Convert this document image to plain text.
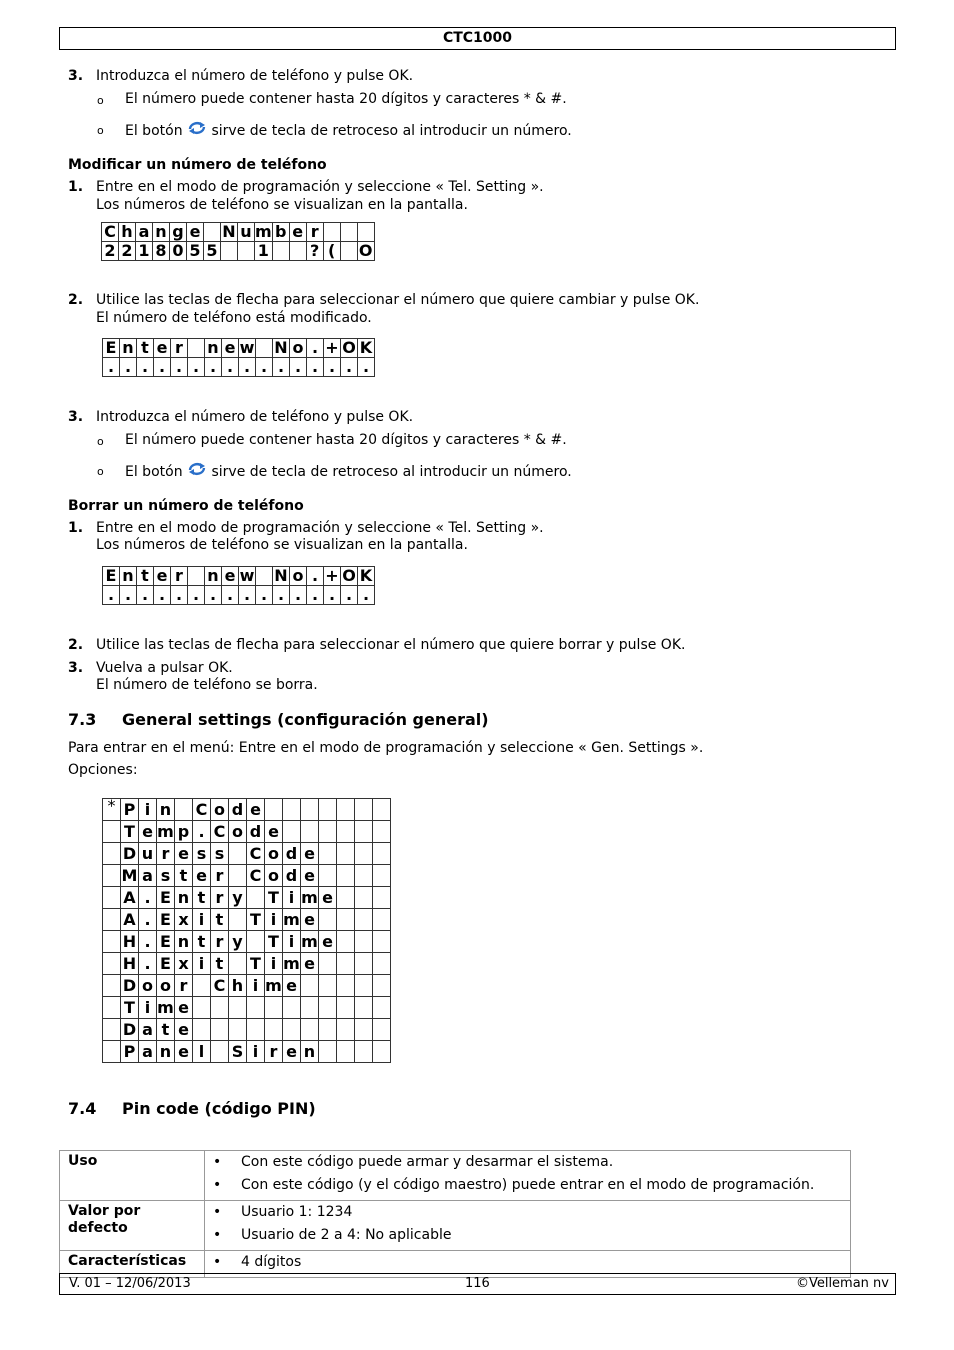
CTC1000
3. Introduzca el número de teléfono y pulse OK.
o El número puede contener hasta 20 dígitos y caracteres * & #.
o El botón sirve de tecla de retroceso al introducir un número.
Modificar un número de teléfono
1. Entre en el modo de programación y seleccione « Tel. Setting ».
Los números de teléfono se visualizan en la pantalla.
C	h	a	n	g	e		N	u	m	b	e	r			
2	2	1	8	0	5	5			1			?	(		O
2. Utilice las teclas de flecha para seleccionar el número que quiere cambiar y pulse OK.
El número de teléfono está modificado.
E	n	t	e	r		n	e	w		N	o	.	+	O	K
.	.	.	.	.	.	.	.	.	.	.	.	.	.	.	.
3. Introduzca el número de teléfono y pulse OK.
o El número puede contener hasta 20 dígitos y caracteres * & #.
o El botón sirve de tecla de retroceso al introducir un número.
Borrar un número de teléfono
1. Entre en el modo de programación y seleccione « Tel. Setting ».
Los números de teléfono se visualizan en la pantalla.
E	n	t	e	r		n	e	w		N	o	.	+	O	K
.	.	.	.	.	.	.	.	.	.	.	.	.	.	.	.
2. Utilice las teclas de flecha para seleccionar el número que quiere borrar y pulse OK.
3. Vuelva a pulsar OK.
El número de teléfono se borra.
7.3 General settings (configuración general)
Para entrar en el menú: Entre en el modo de programación y seleccione « Gen. Settings ».
Opciones:
*	P	i	n		C	o	d	e							
	T	e	m	p	.	C	o	d	e						
	D	u	r	e	s	s		C	o	d	e				
	M	a	s	t	e	r		C	o	d	e				
	A	.	E	n	t	r	y		T	i	m	e			
	A	.	E	x	i	t		T	i	m	e				
	H	.	E	n	t	r	y		T	i	m	e			
	H	.	E	x	i	t		T	i	m	e				
	D	o	o	r		C	h	i	m	e					
	T	i	m	e											
	D	a	t	e											
	P	a	n	e	l		S	i	r	e	n				
7.4 Pin code (código PIN)
Uso	• Con este código puede armar y desarmar el sistema.
• Con este código (y el código maestro) puede entrar en el modo de programación.

Valor por defecto	• Usuario 1: 1234
• Usuario de 2 a 4: No aplicable

Características	• 4 dígitos
V. 01 – 12/06/2013	116	©Velleman nv
